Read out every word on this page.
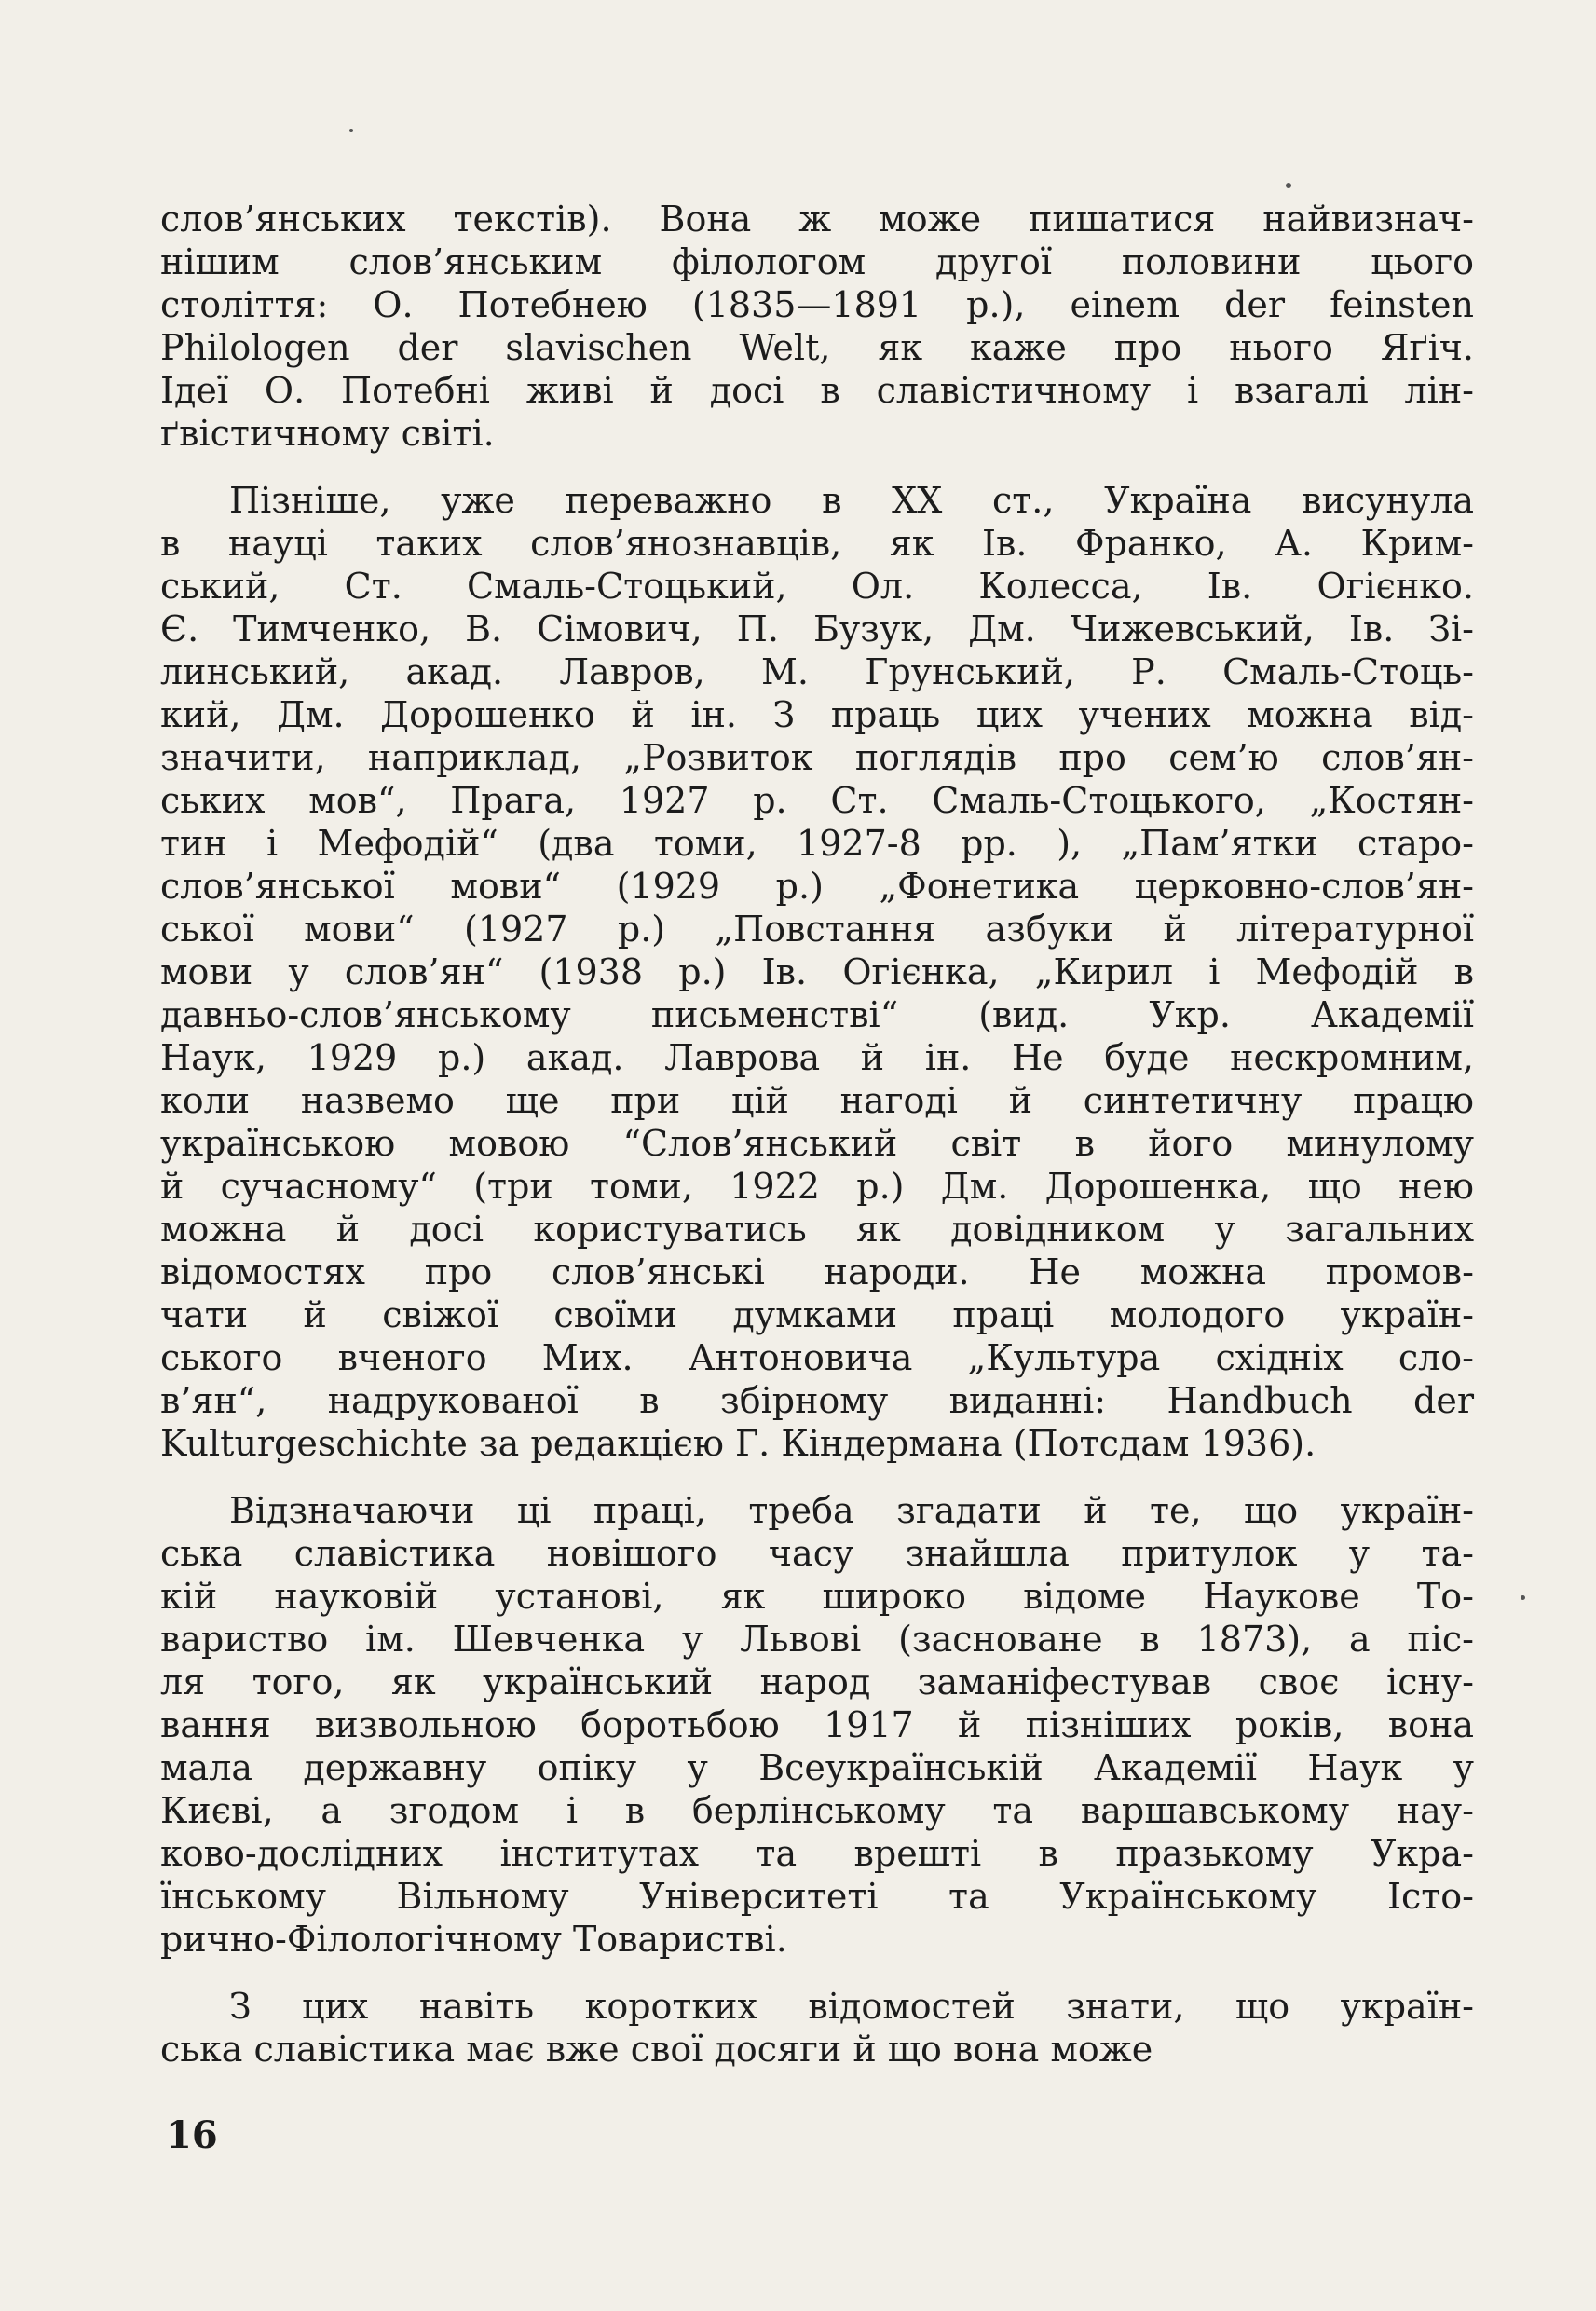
слов’янських текстів). Вона ж може пишатися найвизнач-
нішим слов’янським філологом другої половини цього
століття: О. Потебнею (1835—1891 р.), einem der feinsten
Philologen der slavischen Welt, як каже про нього Яґіч.
Ідеї О. Потебні живі й досі в славістичному і взагалі лін-
ґвістичному світі.
Пізніше, уже переважно в XX ст., Україна висунула
в науці таких слов’янознавців, як Ів. Франко, А. Крим-
ський, Ст. Смаль-Стоцький, Ол. Колесса, Ів. Огієнко.
Є. Тимченко, В. Сімович, П. Бузук, Дм. Чижевський, Ів. Зі-
линський, акад. Лавров, М. Грунський, Р. Смаль-Стоць-
кий, Дм. Дорошенко й ін. З праць цих учених можна від-
значити, наприклад, „Розвиток поглядів про сем’ю слов’ян-
ських мов“, Прага, 1927 р. Ст. Смаль-Стоцького, „Костян-
тин і Мефодій“ (два томи, 1927-8 рр. ), „Пам’ятки старо-
слов’янської мови“ (1929 р.) „Фонетика церковно-слов’ян-
ської мови“ (1927 р.) „Повстання азбуки й літературної
мови у слов’ян“ (1938 р.) Ів. Огієнка, „Кирил і Мефодій в
давньо-слов’янському письменстві“ (вид. Укр. Академії
Наук, 1929 р.) акад. Лаврова й ін. Не буде нескромним,
коли назвемо ще при цій нагоді й синтетичну працю
українською мовою “Слов’янський світ в його минулому
й сучасному“ (три томи, 1922 р.) Дм. Дорошенка, що нею
можна й досі користуватись як довідником у загальних
відомостях про слов’янські народи. Не можна промов-
чати й свіжої своїми думками праці молодого україн-
ського вченого Мих. Антоновича „Культура східніх сло-
в’ян“, надрукованої в збірному виданні: Handbuch der
Kulturgeschichte за редакцією Г. Кіндермана (Потсдам 1936).
Відзначаючи ці праці, треба згадати й те, що україн-
ська славістика новішого часу знайшла притулок у та-
кій науковій установі, як широко відоме Наукове То-
вариство ім. Шевченка у Львові (засноване в 1873), а піс-
ля того, як український народ заманіфестував своє існу-
вання визвольною боротьбою 1917 й пізніших років, вона
мала державну опіку у Всеукраїнській Академії Наук у
Києві, а згодом і в берлінському та варшавському нау-
ково-дослідних інститутах та врешті в празькому Укра-
їнському Вільному Університеті та Українському Істо-
рично-Філологічному Товаристві.
З цих навіть коротких відомостей знати, що україн-
ська славістика має вже свої досяги й що вона може
16
